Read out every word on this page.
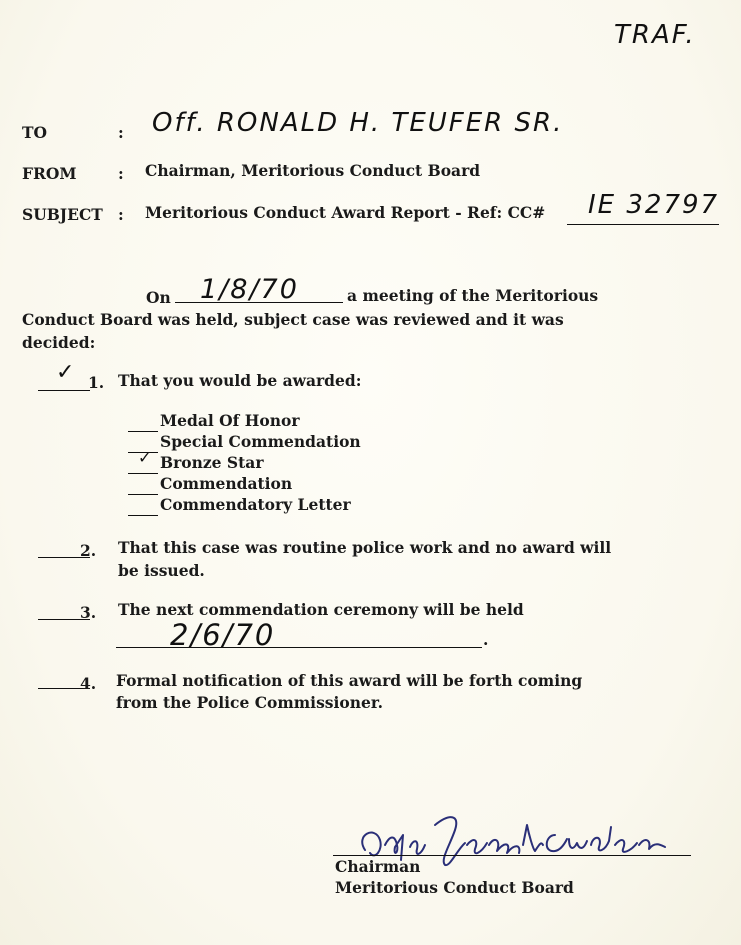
TRAF.
TO	: Off. RONALD H. TEUFER SR.
FROM	: Chairman, Meritorious Conduct Board
SUBJECT : Meritorious Conduct Award Report - Ref: CC# IE 32797
On 1/8/70	a meeting of the Meritorious
Conduct Board was held, subject case was reviewed and it was
decided:
✓ 1. That you would be awarded:
Medal Of Honor
Special Commendation
✓ Bronze Star
Commendation
Commendatory Letter
2. That this case was routine police work and no award will
be issued.
3. The next commendation ceremony will be held
2/6/70	.
4. Formal notification of this award will be forth coming
from the Police Commissioner.
Chairman
Meritorious Conduct Board
